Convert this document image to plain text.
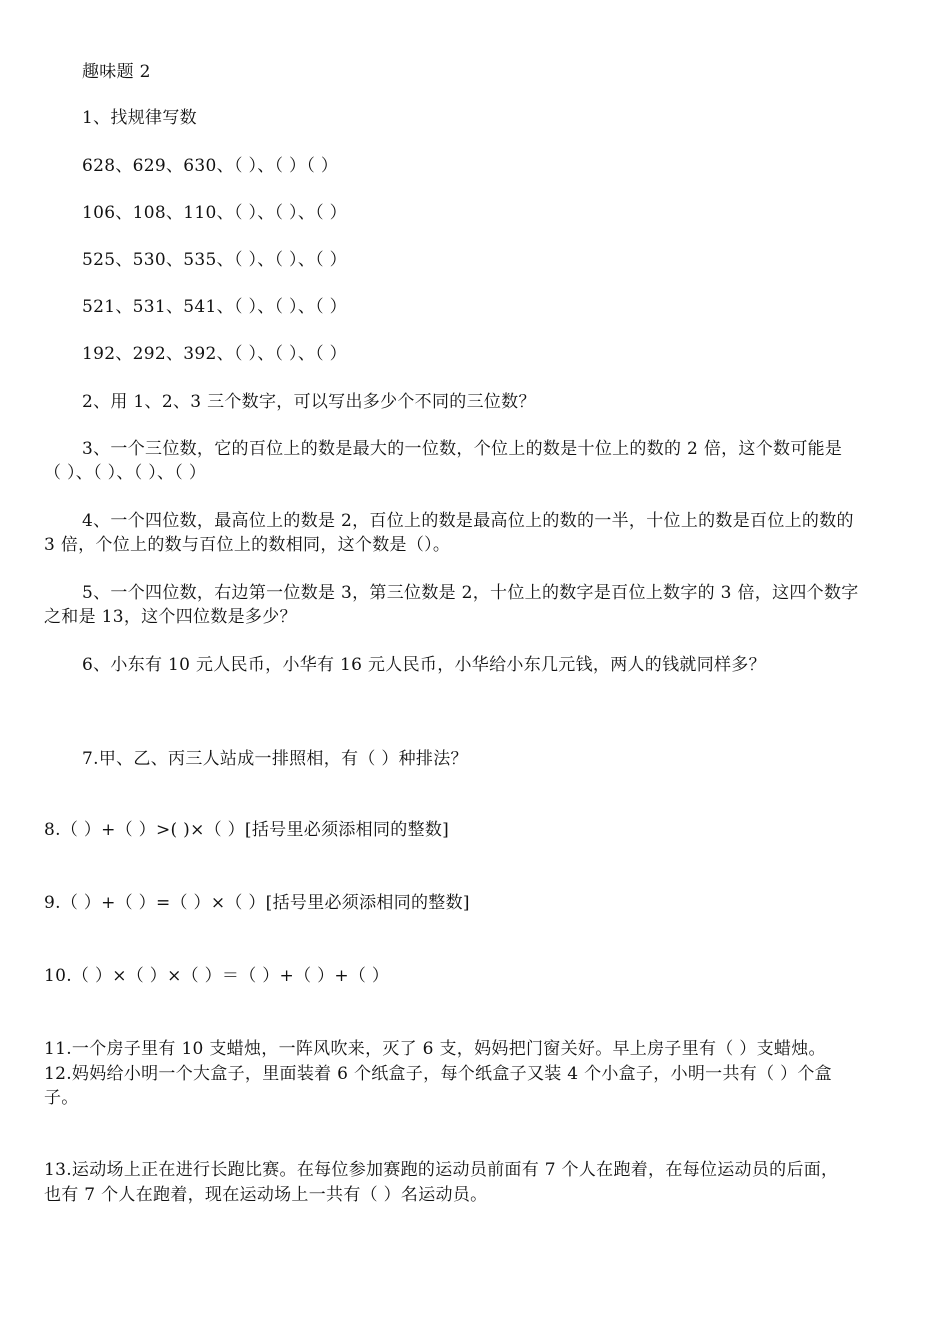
趣味题 2
1、找规律写数
628、629、630、（ ）、（ ）（ ）
106、108、110、（ ）、（ ）、（ ）
525、530、535、（ ）、（ ）、（ ）
521、531、541、（ ）、（ ）、（ ）
192、292、392、（ ）、（ ）、（ ）
2、用 1、2、3 三个数字，可以写出多少个不同的三位数？
3、一个三位数，它的百位上的数是最大的一位数，个位上的数是十位上的数的 2 倍，这个数可能是
（ ）、（ ）、（ ）、（ ）
4、一个四位数，最高位上的数是 2，百位上的数是最高位上的数的一半，十位上的数是百位上的数的
3 倍，个位上的数与百位上的数相同，这个数是（）。
5、一个四位数，右边第一位数是 3，第三位数是 2，十位上的数字是百位上数字的 3 倍，这四个数字
之和是 13，这个四位数是多少？
6、小东有 10 元人民币，小华有 16 元人民币，小华给小东几元钱，两人的钱就同样多？
7.甲、乙、丙三人站成一排照相，有（ ）种排法？
8.（ ）+（ ）>( )×（ ）[括号里必须添相同的整数]
9.（ ）+（ ）=（ ）×（ ）[括号里必须添相同的整数]
10.（ ）×（ ）×（ ）＝（ ）+（ ）+（ ）
11.一个房子里有 10 支蜡烛，一阵风吹来，灭了 6 支，妈妈把门窗关好。早上房子里有（ ）支蜡烛。
12.妈妈给小明一个大盒子，里面装着 6 个纸盒子，每个纸盒子又装 4 个小盒子，小明一共有（ ）个盒
子。
13.运动场上正在进行长跑比赛。在每位参加赛跑的运动员前面有 7 个人在跑着，在每位运动员的后面，
也有 7 个人在跑着，现在运动场上一共有（ ）名运动员。
